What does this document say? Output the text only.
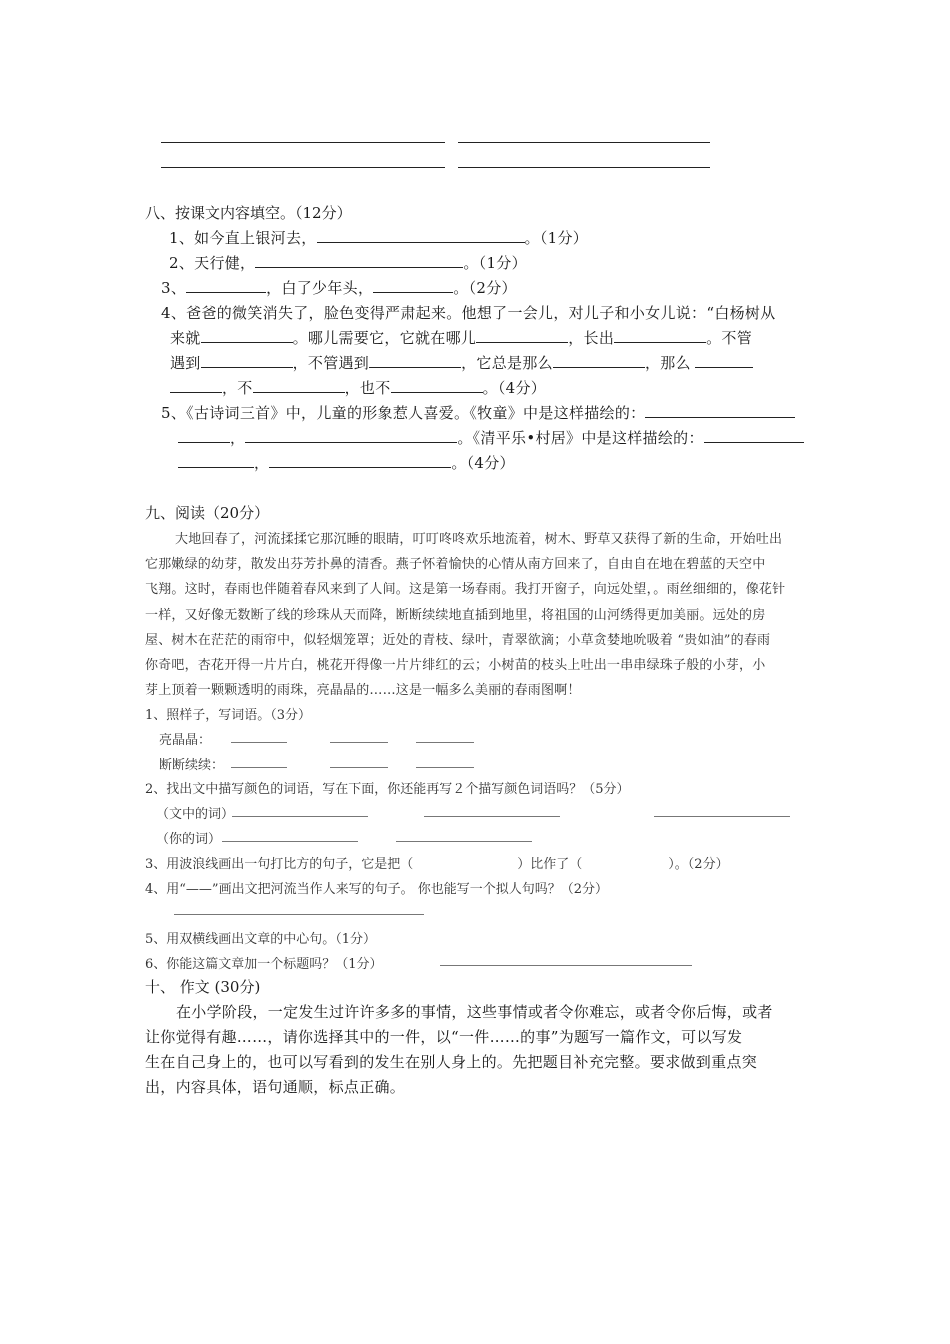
八、按课文内容填空。（12分）
1、如今直上银河去，	。（1分）
2、天行健，	。（1分）
3、	，白了少年头，	。（2分）
4、爸爸的微笑消失了，脸色变得严肃起来。他想了一会儿，对儿子和小女儿说：“白杨树从
来就	。哪儿需要它，它就在哪儿	，长出	。不管
遇到	，不管遇到	，它总是那么	，那么
，不	，也不	。（4分）
5、《古诗词三首》中，儿童的形象惹人喜爱。《牧童》中是这样描绘的：
，	。《清平乐•村居》中是这样描绘的：
，	。（4分）
九、阅读（20分）
大地回春了，河流揉揉它那沉睡的眼睛，叮叮咚咚欢乐地流着，树木、野草又获得了新的生命，开始吐出
它那嫩绿的幼芽，散发出芬芳扑鼻的清香。燕子怀着愉快的心情从南方回来了，自由自在地在碧蓝的天空中
飞翔。这时，春雨也伴随着春风来到了人间。这是第一场春雨。我打开窗子，向远处望，。雨丝细细的，像花针
一样，又好像无数断了线的珍珠从天而降，断断续续地直插到地里，将祖国的山河绣得更加美丽。远处的房
屋、树木在茫茫的雨帘中，似轻烟笼罩；近处的青枝、绿叶，青翠欲滴；小草贪婪地吮吸着 “贵如油”的春雨
你奇吧，杏花开得一片片白，桃花开得像一片片绯红的云；小树苗的枝头上吐出一串串绿珠子般的小芽，小
芽上顶着一颗颗透明的雨珠，亮晶晶的……这是一幅多么美丽的春雨图啊！
1、照样子，写词语。（3分）
亮晶晶：
断断续续：
2、找出文中描写颜色的词语，写在下面，你还能再写２个描写颜色词语吗？（5分）
（文中的词）
（你的词）
3、用波浪线画出一句打比方的句子，它是把（	）比作了（	）。（2分）
4、用“——”画出文把河流当作人来写的句子。 你也能写一个拟人句吗？（2分）
5、用双横线画出文章的中心句。（1分）
6、你能这篇文章加一个标题吗？（1分）
十、 作文 (30分)
在小学阶段，一定发生过许许多多的事情，这些事情或者令你难忘，或者令你后悔，或者
让你觉得有趣……，请你选择其中的一件，以“一件……的事”为题写一篇作文，可以写发
生在自己身上的，也可以写看到的发生在别人身上的。先把题目补充完整。要求做到重点突
出，内容具体，语句通顺，标点正确。
